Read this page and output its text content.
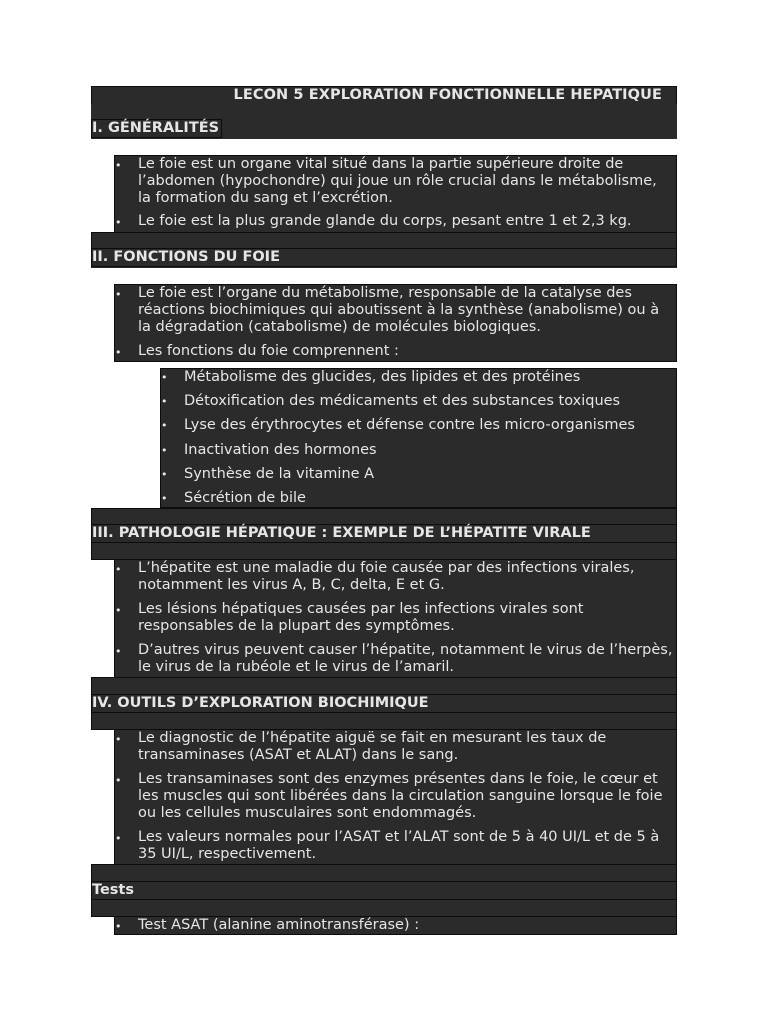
LECON 5 EXPLORATION FONCTIONNELLE HEPATIQUE
I. GÉNÉRALITÉS
• Le foie est un organe vital situé dans la partie supérieure droite de l’abdomen (hypochondre) qui joue un rôle crucial dans le métabolisme, la formation du sang et l’excrétion.
• Le foie est la plus grande glande du corps, pesant entre 1 et 2,3 kg.
II. FONCTIONS DU FOIE
• Le foie est l’organe du métabolisme, responsable de la catalyse des réactions biochimiques qui aboutissent à la synthèse (anabolisme) ou à la dégradation (catabolisme) de molécules biologiques.
• Les fonctions du foie comprennent :
• Métabolisme des glucides, des lipides et des protéines
• Détoxification des médicaments et des substances toxiques
• Lyse des érythrocytes et défense contre les micro-organismes
• Inactivation des hormones
• Synthèse de la vitamine A
• Sécrétion de bile
III. PATHOLOGIE HÉPATIQUE : EXEMPLE DE L’HÉPATITE VIRALE
• L’hépatite est une maladie du foie causée par des infections virales, notamment les virus A, B, C, delta, E et G.
• Les lésions hépatiques causées par les infections virales sont responsables de la plupart des symptômes.
• D’autres virus peuvent causer l’hépatite, notamment le virus de l’herpès, le virus de la rubéole et le virus de l’amaril.
IV. OUTILS D’EXPLORATION BIOCHIMIQUE
• Le diagnostic de l’hépatite aiguë se fait en mesurant les taux de transaminases (ASAT et ALAT) dans le sang.
• Les transaminases sont des enzymes présentes dans le foie, le cœur et les muscles qui sont libérées dans la circulation sanguine lorsque le foie ou les cellules musculaires sont endommagés.
• Les valeurs normales pour l’ASAT et l’ALAT sont de 5 à 40 UI/L et de 5 à 35 UI/L, respectivement.
Tests
• Test ASAT (alanine aminotransférase) :
